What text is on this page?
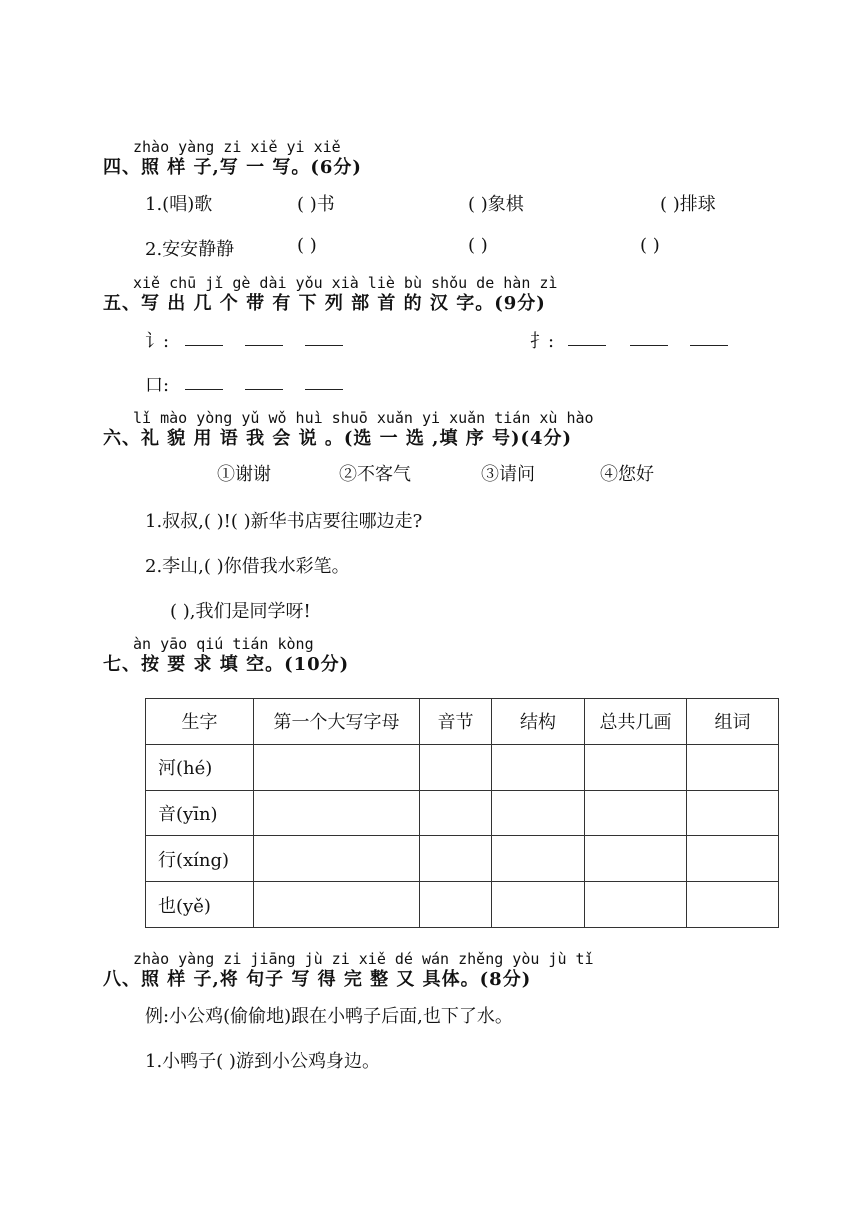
zhào yàng zi xiě yi xiě
四、照 样 子,写 一 写。(6分)
1.(唱)歌	( )书	( )象棋	( )排球
2.安安静静	( )	( )	( )
xiě chū jǐ gè dài yǒu xià liè bù shǒu de hàn zì
五、写 出 几 个 带 有 下 列 部 首 的 汉 字。(9分)
讠:	扌:
口:
lǐ mào yòng yǔ wǒ huì shuō xuǎn yi xuǎn tián xù hào
六、礼 貌 用 语 我 会 说 。(选 一 选 ,填 序 号)(4分)
①谢谢	②不客气	③请问	④您好
1.叔叔,( )!( )新华书店要往哪边走?
2.李山,( )你借我水彩笔。
( ),我们是同学呀!
àn yāo qiú tián kòng
七、按 要 求 填 空。(10分)
生字	第一个大写字母	音节	结构	总共几画	组词
河(hé)					
音(yīn)					
行(xíng)					
也(yě)					
zhào yàng zi jiāng jù zi xiě dé wán zhěng yòu jù tǐ
八、照 样 子,将 句子 写 得 完 整 又 具体。(8分)
例:小公鸡(偷偷地)跟在小鸭子后面,也下了水。
1.小鸭子( )游到小公鸡身边。
